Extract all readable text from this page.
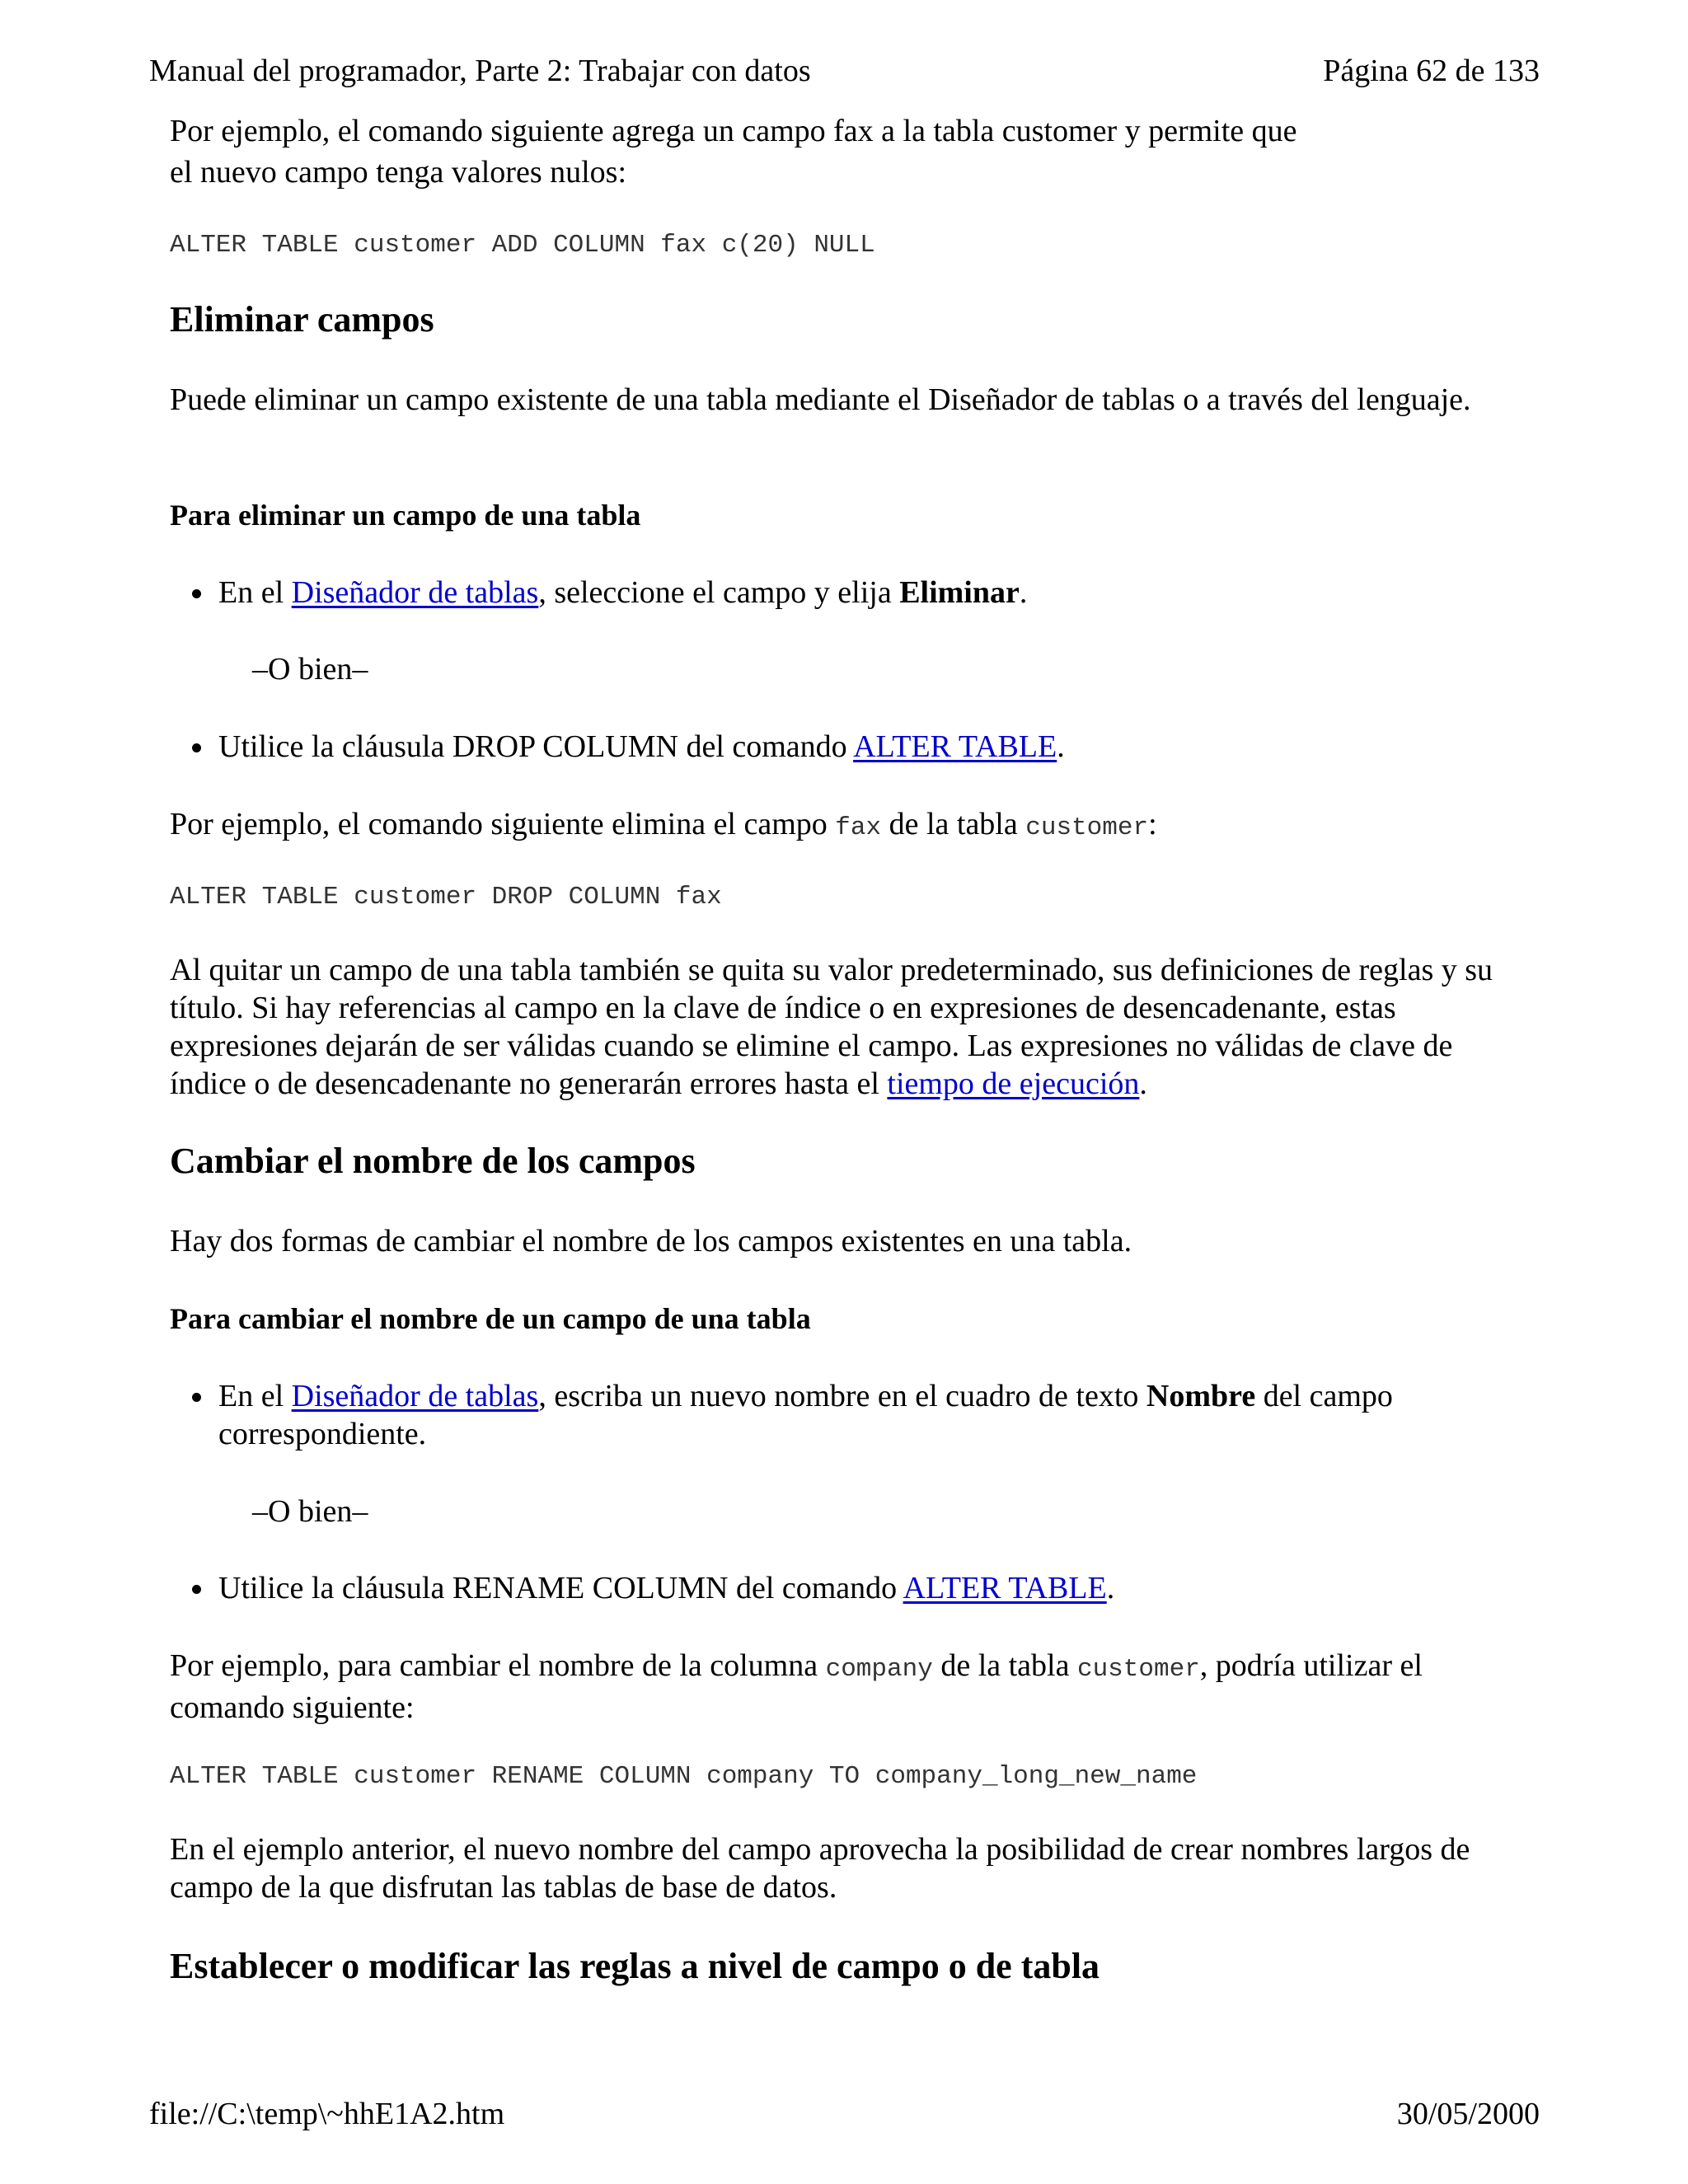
Manual del programador, Parte 2: Trabajar con datos	Página 62 de 133
Por ejemplo, el comando siguiente agrega un campo fax a la tabla customer y permite que

el nuevo campo tenga valores nulos:

ALTER TABLE customer ADD COLUMN fax c(20) NULL
Eliminar campos

Puede eliminar un campo existente de una tabla mediante el Diseñador de tablas o a través del lenguaje.

Para eliminar un campo de una tabla
En el Diseñador de tablas, seleccione el campo y elija Eliminar.
–O bien–
Utilice la cláusula DROP COLUMN del comando ALTER TABLE.

Por ejemplo, el comando siguiente elimina el campo fax de la tabla customer:

ALTER TABLE customer DROP COLUMN fax

Al quitar un campo de una tabla también se quita su valor predeterminado, sus definiciones de reglas y su título. Si hay referencias al campo en la clave de índice o en expresiones de desencadenante, estas expresiones dejarán de ser válidas cuando se elimine el campo. Las expresiones no válidas de clave de índice o de desencadenante no generarán errores hasta el tiempo de ejecución.

Cambiar el nombre de los campos

Hay dos formas de cambiar el nombre de los campos existentes en una tabla.

Para cambiar el nombre de un campo de una tabla
En el Diseñador de tablas, escriba un nuevo nombre en el cuadro de texto Nombre del campo correspondiente.
–O bien–
Utilice la cláusula RENAME COLUMN del comando ALTER TABLE.

Por ejemplo, para cambiar el nombre de la columna company de la tabla customer, podría utilizar el comando siguiente:

ALTER TABLE customer RENAME COLUMN company TO company_long_new_name

En el ejemplo anterior, el nuevo nombre del campo aprovecha la posibilidad de crear nombres largos de campo de la que disfrutan las tablas de base de datos.

Establecer o modificar las reglas a nivel de campo o de tabla
file://C:\temp\~hhE1A2.htm	30/05/2000
